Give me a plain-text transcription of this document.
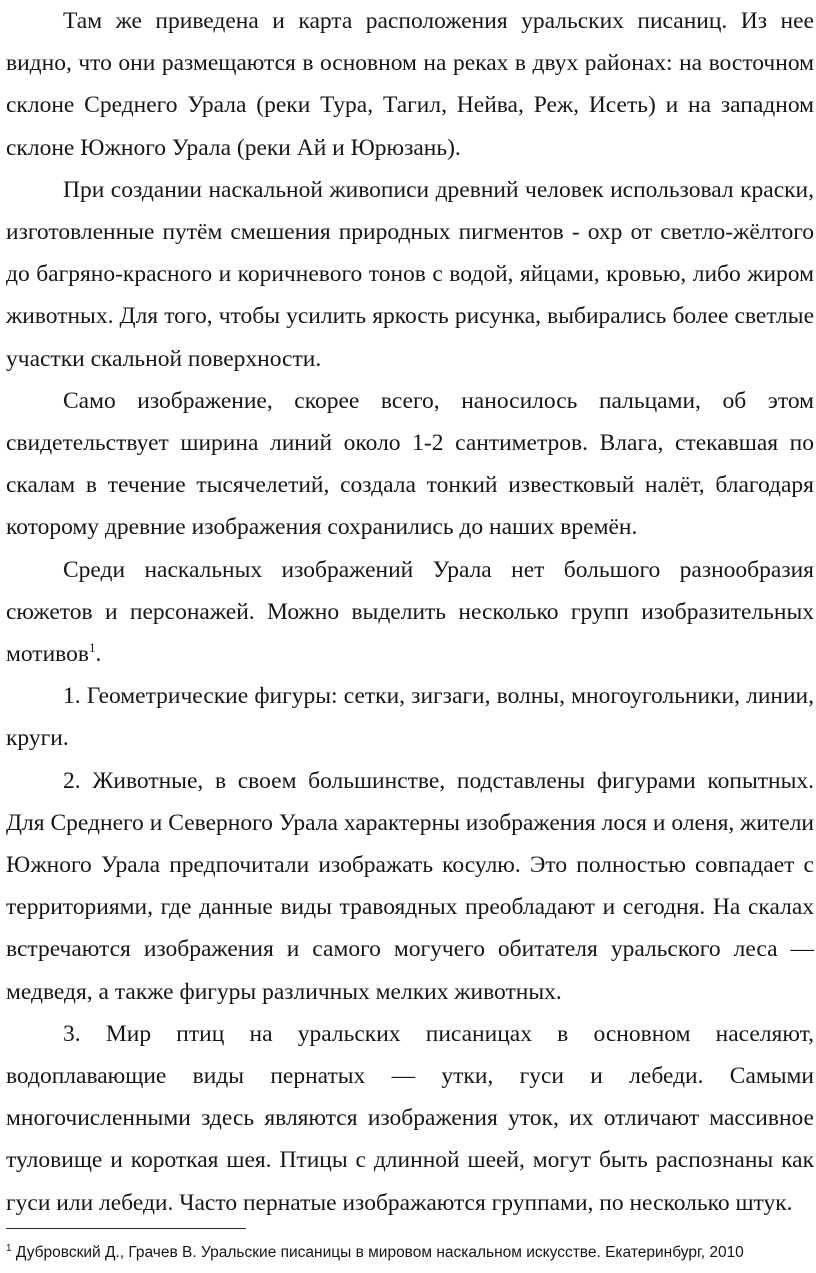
Там же приведена и карта расположения уральских писаниц. Из нее видно, что они размещаются в основном на реках в двух районах: на восточном склоне Среднего Урала (реки Тура, Тагил, Нейва, Реж, Исеть) и на западном склоне Южного Урала (реки Ай и Юрюзань).

При создании наскальной живописи древний человек использовал краски, изготовленные путём смешения природных пигментов - охр от светло-жёлтого до багряно-красного и коричневого тонов с водой, яйцами, кровью, либо жиром животных. Для того, чтобы усилить яркость рисунка, выбирались более светлые участки скальной поверхности.

Само изображение, скорее всего, наносилось пальцами, об этом свидетельствует ширина линий около 1-2 сантиметров. Влага, стекавшая по скалам в течение тысячелетий, создала тонкий известковый налёт, благодаря которому древние изображения сохранились до наших времён.

Среди наскальных изображений Урала нет большого разнообразия сюжетов и персонажей. Можно выделить несколько групп изобразительных мотивов$^1$.

1. Геометрические фигуры: сетки, зигзаги, волны, многоугольники, линии, круги.

2. Животные, в своем большинстве, подставлены фигурами копытных. Для Среднего и Северного Урала характерны изображения лося и оленя, жители Южного Урала предпочитали изображать косулю. Это полностью совпадает с территориями, где данные виды травоядных преобладают и сегодня. На скалах встречаются изображения и самого могучего обитателя уральского леса — медведя, а также фигуры различных мелких животных.

3. Мир птиц на уральских писаницах в основном населяют, водоплавающие виды пернатых — утки, гуси и лебеди. Самыми многочисленными здесь являются изображения уток, их отличают массивное туловище и короткая шея. Птицы с длинной шеей, могут быть распознаны как гуси или лебеди. Часто пернатые изображаются группами, по несколько штук.

$^1$ Дубровский Д., Грачев В. Уральские писаницы в мировом наскальном искусстве. Екатеринбург, 2010
